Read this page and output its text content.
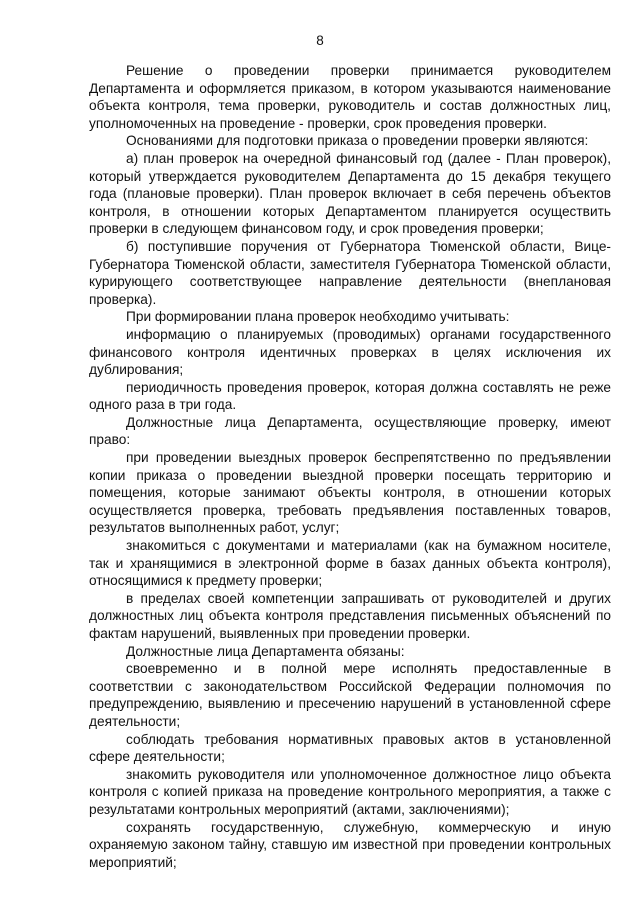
8

Решение о проведении проверки принимается руководителем Департамента и оформляется приказом, в котором указываются наименование объекта контроля, тема проверки, руководитель и состав должностных лиц, уполномоченных на проведение - проверки, срок проведения проверки.

Основаниями для подготовки приказа о проведении проверки являются:

а) план проверок на очередной финансовый год (далее - План проверок), который утверждается руководителем Департамента до 15 декабря текущего года (плановые проверки). План проверок включает в себя перечень объектов контроля, в отношении которых Департаментом планируется осуществить проверки в следующем финансовом году, и срок проведения проверки;

б) поступившие поручения от Губернатора Тюменской области, Вице-Губернатора Тюменской области, заместителя Губернатора Тюменской области, курирующего соответствующее направление деятельности (внеплановая проверка).

При формировании плана проверок необходимо учитывать:

информацию о планируемых (проводимых) органами государственного финансового контроля идентичных проверках в целях исключения их дублирования;

периодичность проведения проверок, которая должна составлять не реже одного раза в три года.

Должностные лица Департамента, осуществляющие проверку, имеют право:

при проведении выездных проверок беспрепятственно по предъявлении копии приказа о проведении выездной проверки посещать территорию и помещения, которые занимают объекты контроля, в отношении которых осуществляется проверка, требовать предъявления поставленных товаров, результатов выполненных работ, услуг;

знакомиться с документами и материалами (как на бумажном носителе, так и хранящимися в электронной форме в базах данных объекта контроля), относящимися к предмету проверки;

в пределах своей компетенции запрашивать от руководителей и других должностных лиц объекта контроля представления письменных объяснений по фактам нарушений, выявленных при проведении проверки.

Должностные лица Департамента обязаны:

своевременно и в полной мере исполнять предоставленные в соответствии с законодательством Российской Федерации полномочия по предупреждению, выявлению и пресечению нарушений в установленной сфере деятельности;

соблюдать требования нормативных правовых актов в установленной сфере деятельности;

знакомить руководителя или уполномоченное должностное лицо объекта контроля с копией приказа на проведение контрольного мероприятия, а также с результатами контрольных мероприятий (актами, заключениями);

сохранять государственную, служебную, коммерческую и иную охраняемую законом тайну, ставшую им известной при проведении контрольных мероприятий;
